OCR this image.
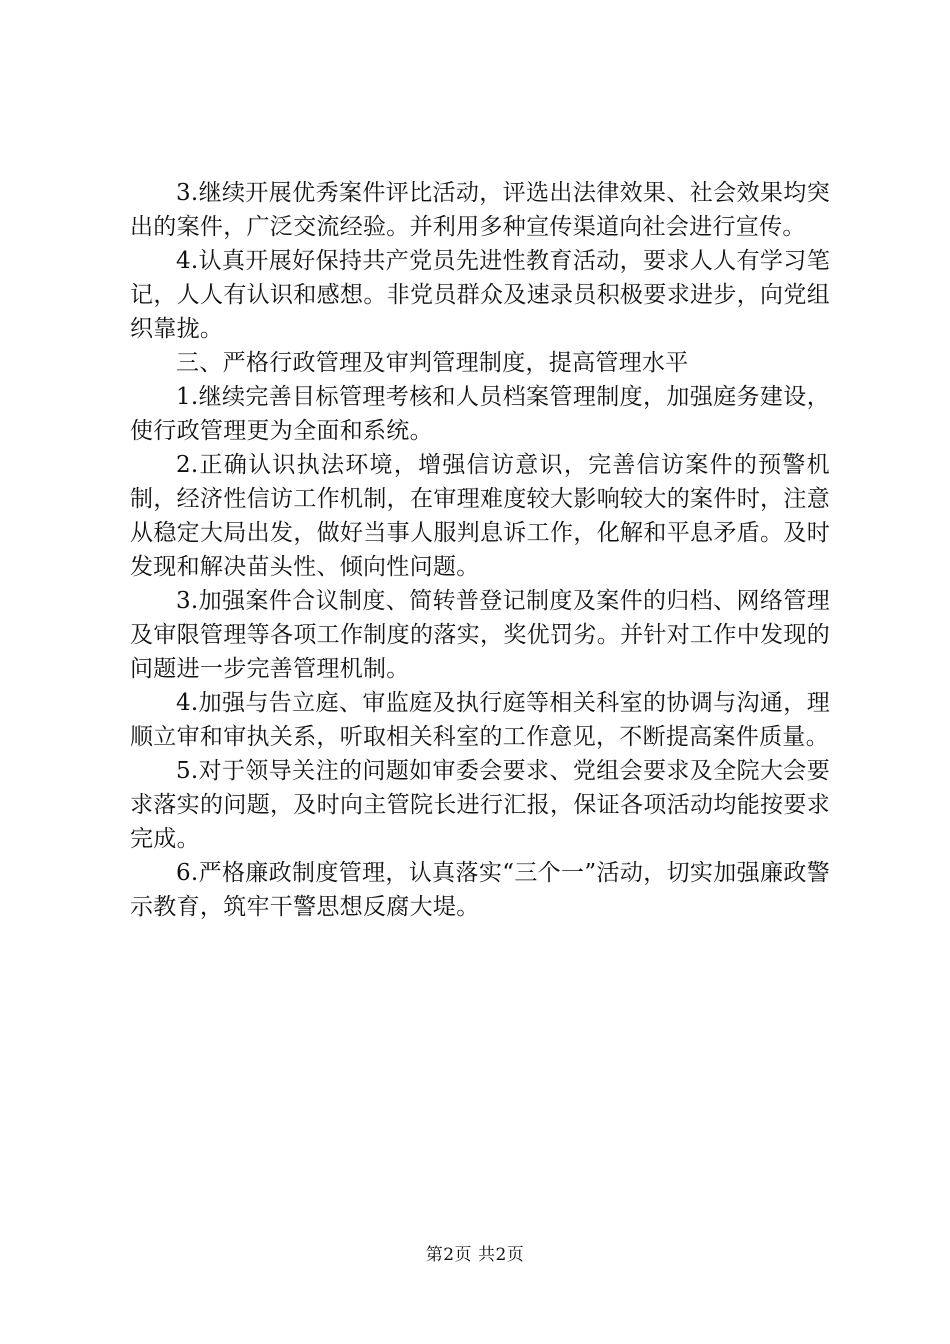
3.继续开展优秀案件评比活动，评选出法律效果、社会效果均突出的案件，广泛交流经验。并利用多种宣传渠道向社会进行宣传。

4.认真开展好保持共产党员先进性教育活动，要求人人有学习笔记，人人有认识和感想。非党员群众及速录员积极要求进步，向党组织靠拢。

三、严格行政管理及审判管理制度，提高管理水平

1.继续完善目标管理考核和人员档案管理制度，加强庭务建设，使行政管理更为全面和系统。

2.正确认识执法环境，增强信访意识，完善信访案件的预警机制，经济性信访工作机制，在审理难度较大影响较大的案件时，注意从稳定大局出发，做好当事人服判息诉工作，化解和平息矛盾。及时发现和解决苗头性、倾向性问题。

3.加强案件合议制度、简转普登记制度及案件的归档、网络管理及审限管理等各项工作制度的落实，奖优罚劣。并针对工作中发现的问题进一步完善管理机制。

4.加强与告立庭、审监庭及执行庭等相关科室的协调与沟通，理顺立审和审执关系，听取相关科室的工作意见，不断提高案件质量。

5.对于领导关注的问题如审委会要求、党组会要求及全院大会要求落实的问题，及时向主管院长进行汇报，保证各项活动均能按要求完成。

6.严格廉政制度管理，认真落实“三个一”活动，切实加强廉政警示教育，筑牢干警思想反腐大堤。

第2页 共2页
